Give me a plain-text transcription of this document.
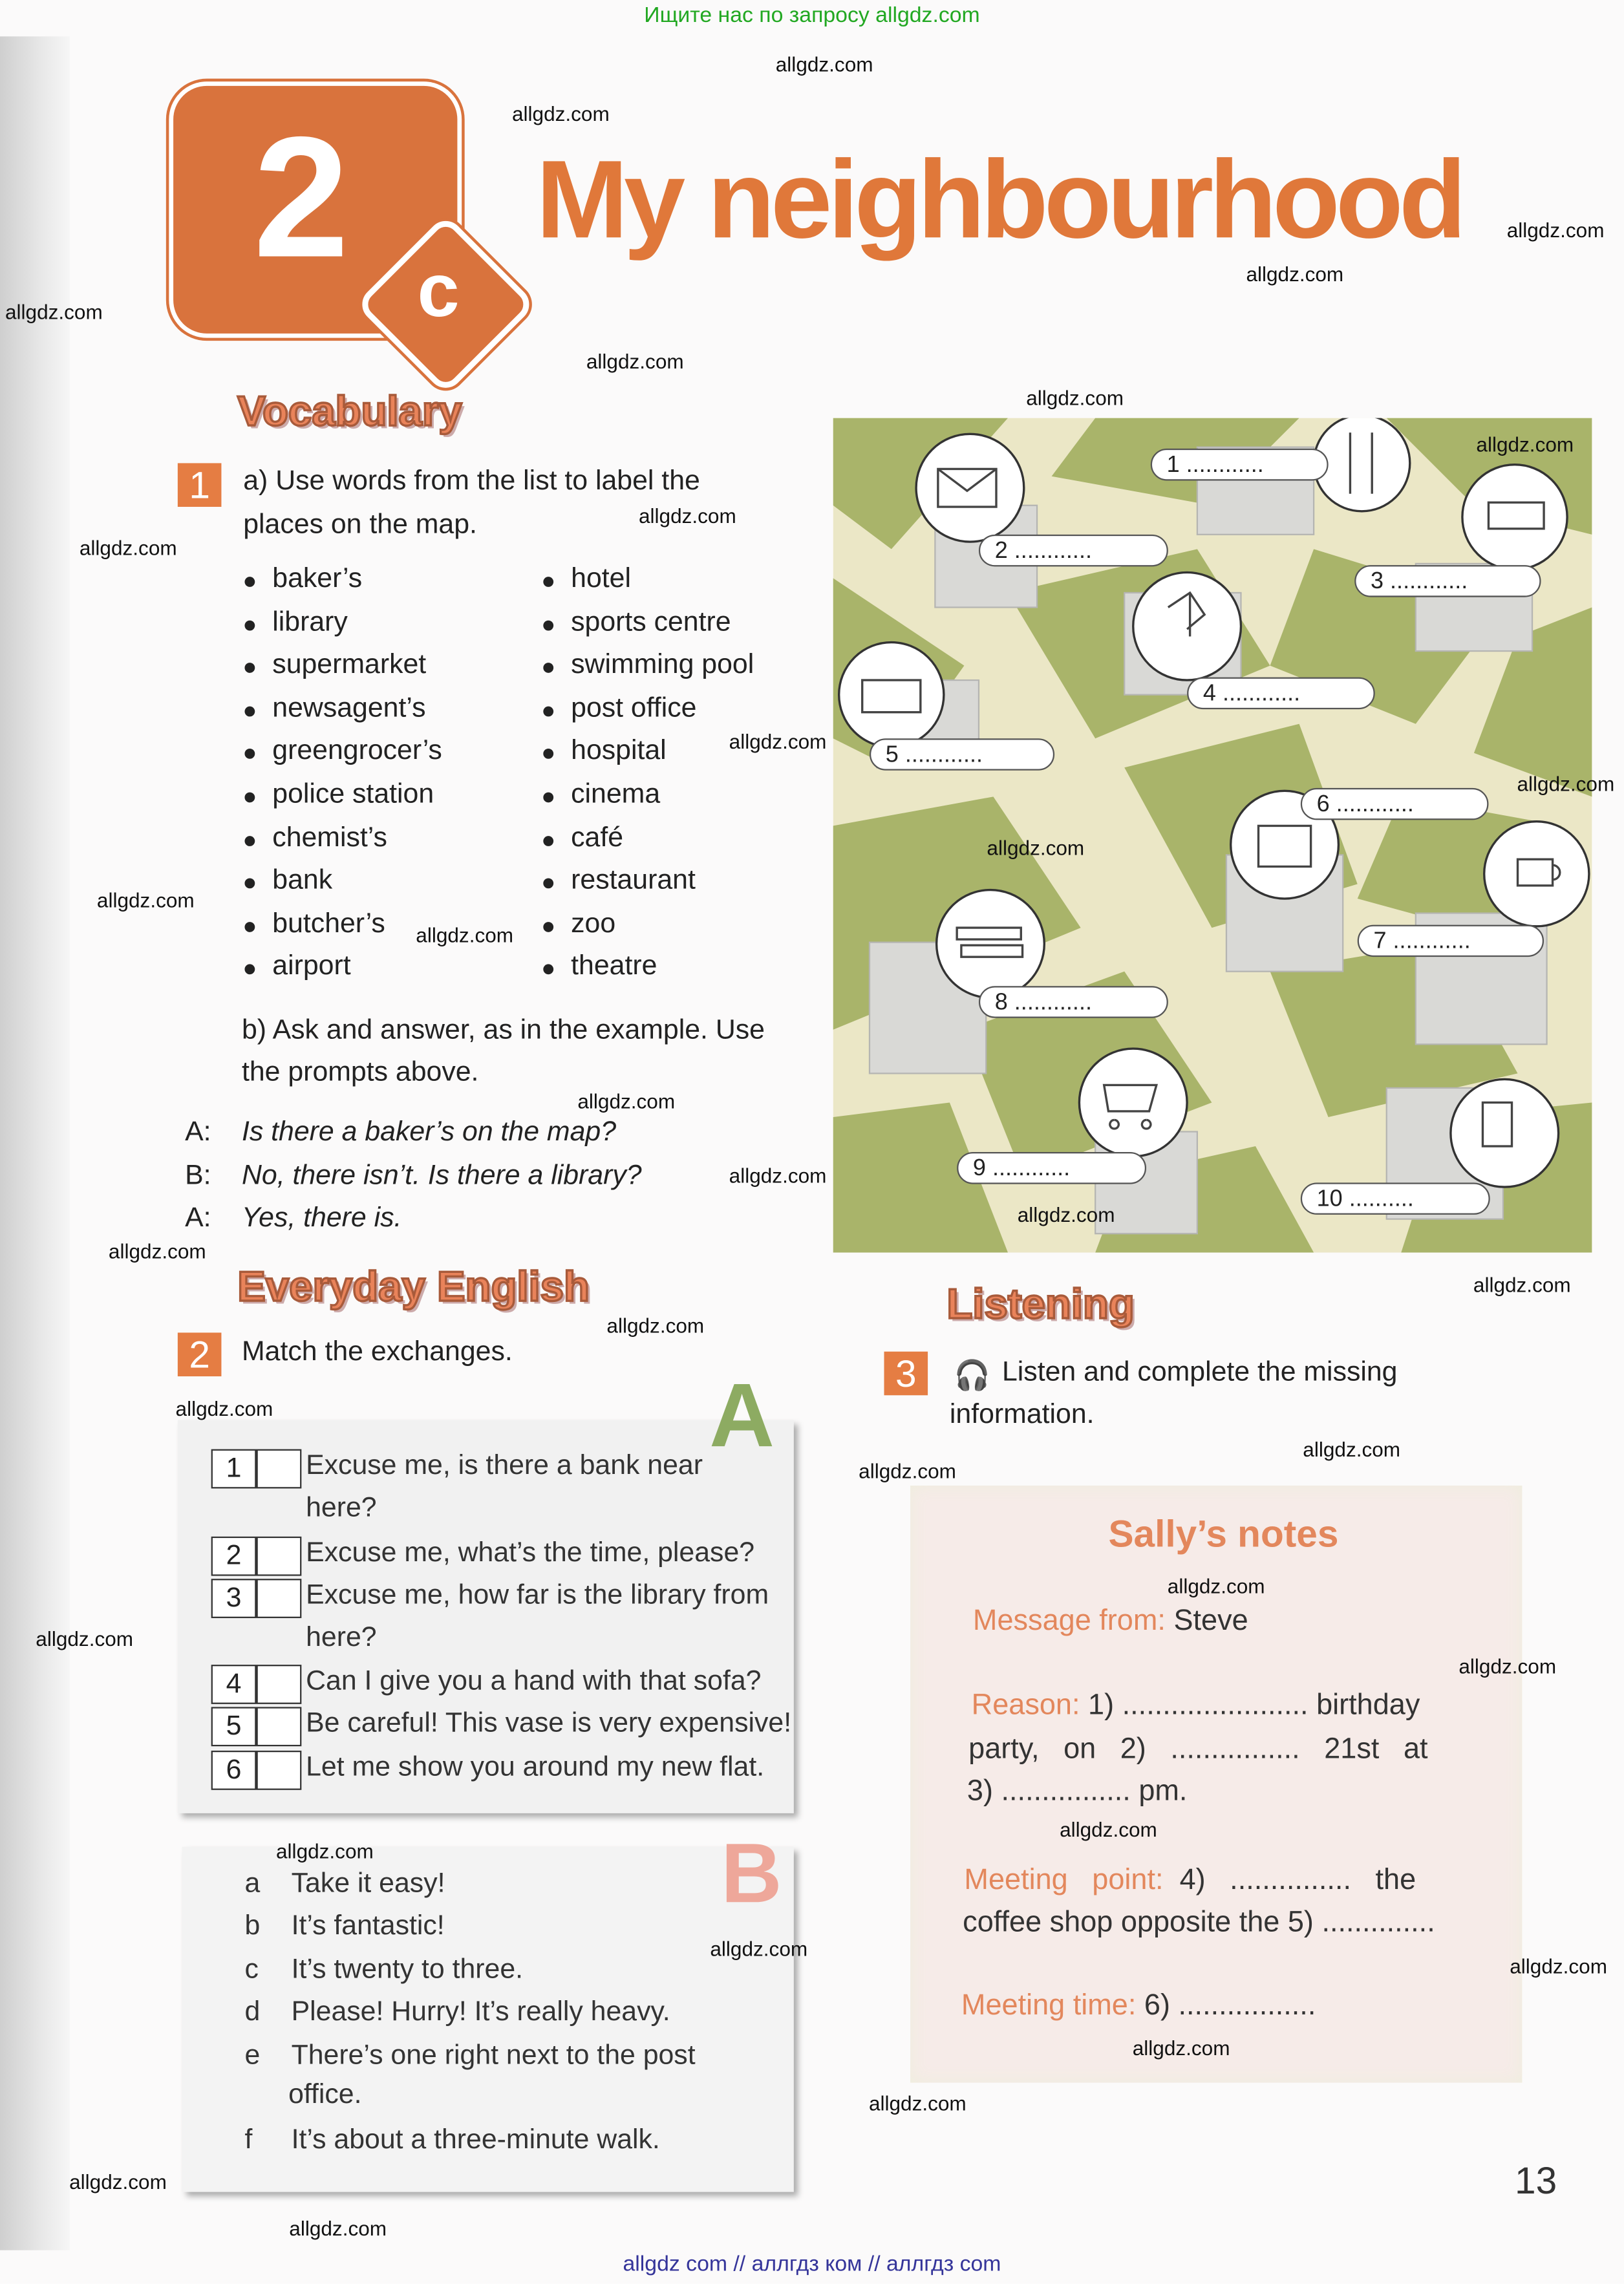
Ищите нас по запросу allgdz.com
2	c
My neighbourhood
Vocabulary
1	a) Use words from the list to label the
places on the map.
baker’s
library
supermarket
newsagent’s
greengrocer’s
police station
chemist’s
bank
butcher’s
airport
hotel
sports centre
swimming pool
post office
hospital
cinema
café
restaurant
zoo
theatre
b) Ask and answer, as in the example. Use
the prompts above.
A: Is there a baker’s on the map?
B: No, there isn’t. Is there a library?
A: Yes, there is.
1 ............
2 ............
3 ............
4 ............
5 ............
6 ............
7 ............
8 ............
9 ............
10 ..........
Everyday English
2	Match the exchanges.
A
1	Excuse me, is there a bank near
here?
2	Excuse me, what’s the time, please?
3	Excuse me, how far is the library from
here?
4	Can I give you a hand with that sofa?
5	Be careful! This vase is very expensive!
6	Let me show you around my new flat.
B
a	Take it easy!
b	It’s fantastic!
c	It’s twenty to three.
d	Please! Hurry! It’s really heavy.
e	There’s one right next to the post
office.
f	It’s about a three-minute walk.
Listening
3	🎧 Listen and complete the missing
information.
Sally’s notes
Message from: Steve
Reason: 1) ....................... birthday
party,   on   2)   ................   21st   at
3) ................ pm.
Meeting   point: 4)   ...............   the
coffee shop opposite the 5) ..............
Meeting time: 6) .................
13
allgdz com // аллгдз ком // аллгдз com
allgdz.com
allgdz.com
allgdz.com
allgdz.com
allgdz.com
allgdz.com
allgdz.com
allgdz.com
allgdz.com
allgdz.com
allgdz.com
allgdz.com
allgdz.com
allgdz.com
allgdz.com
allgdz.com
allgdz.com
allgdz.com
allgdz.com
allgdz.com
allgdz.com
allgdz.com
allgdz.com
allgdz.com
allgdz.com
allgdz.com
allgdz.com
allgdz.com
allgdz.com
allgdz.com
allgdz.com
allgdz.com
allgdz.com
allgdz.com
allgdz.com
